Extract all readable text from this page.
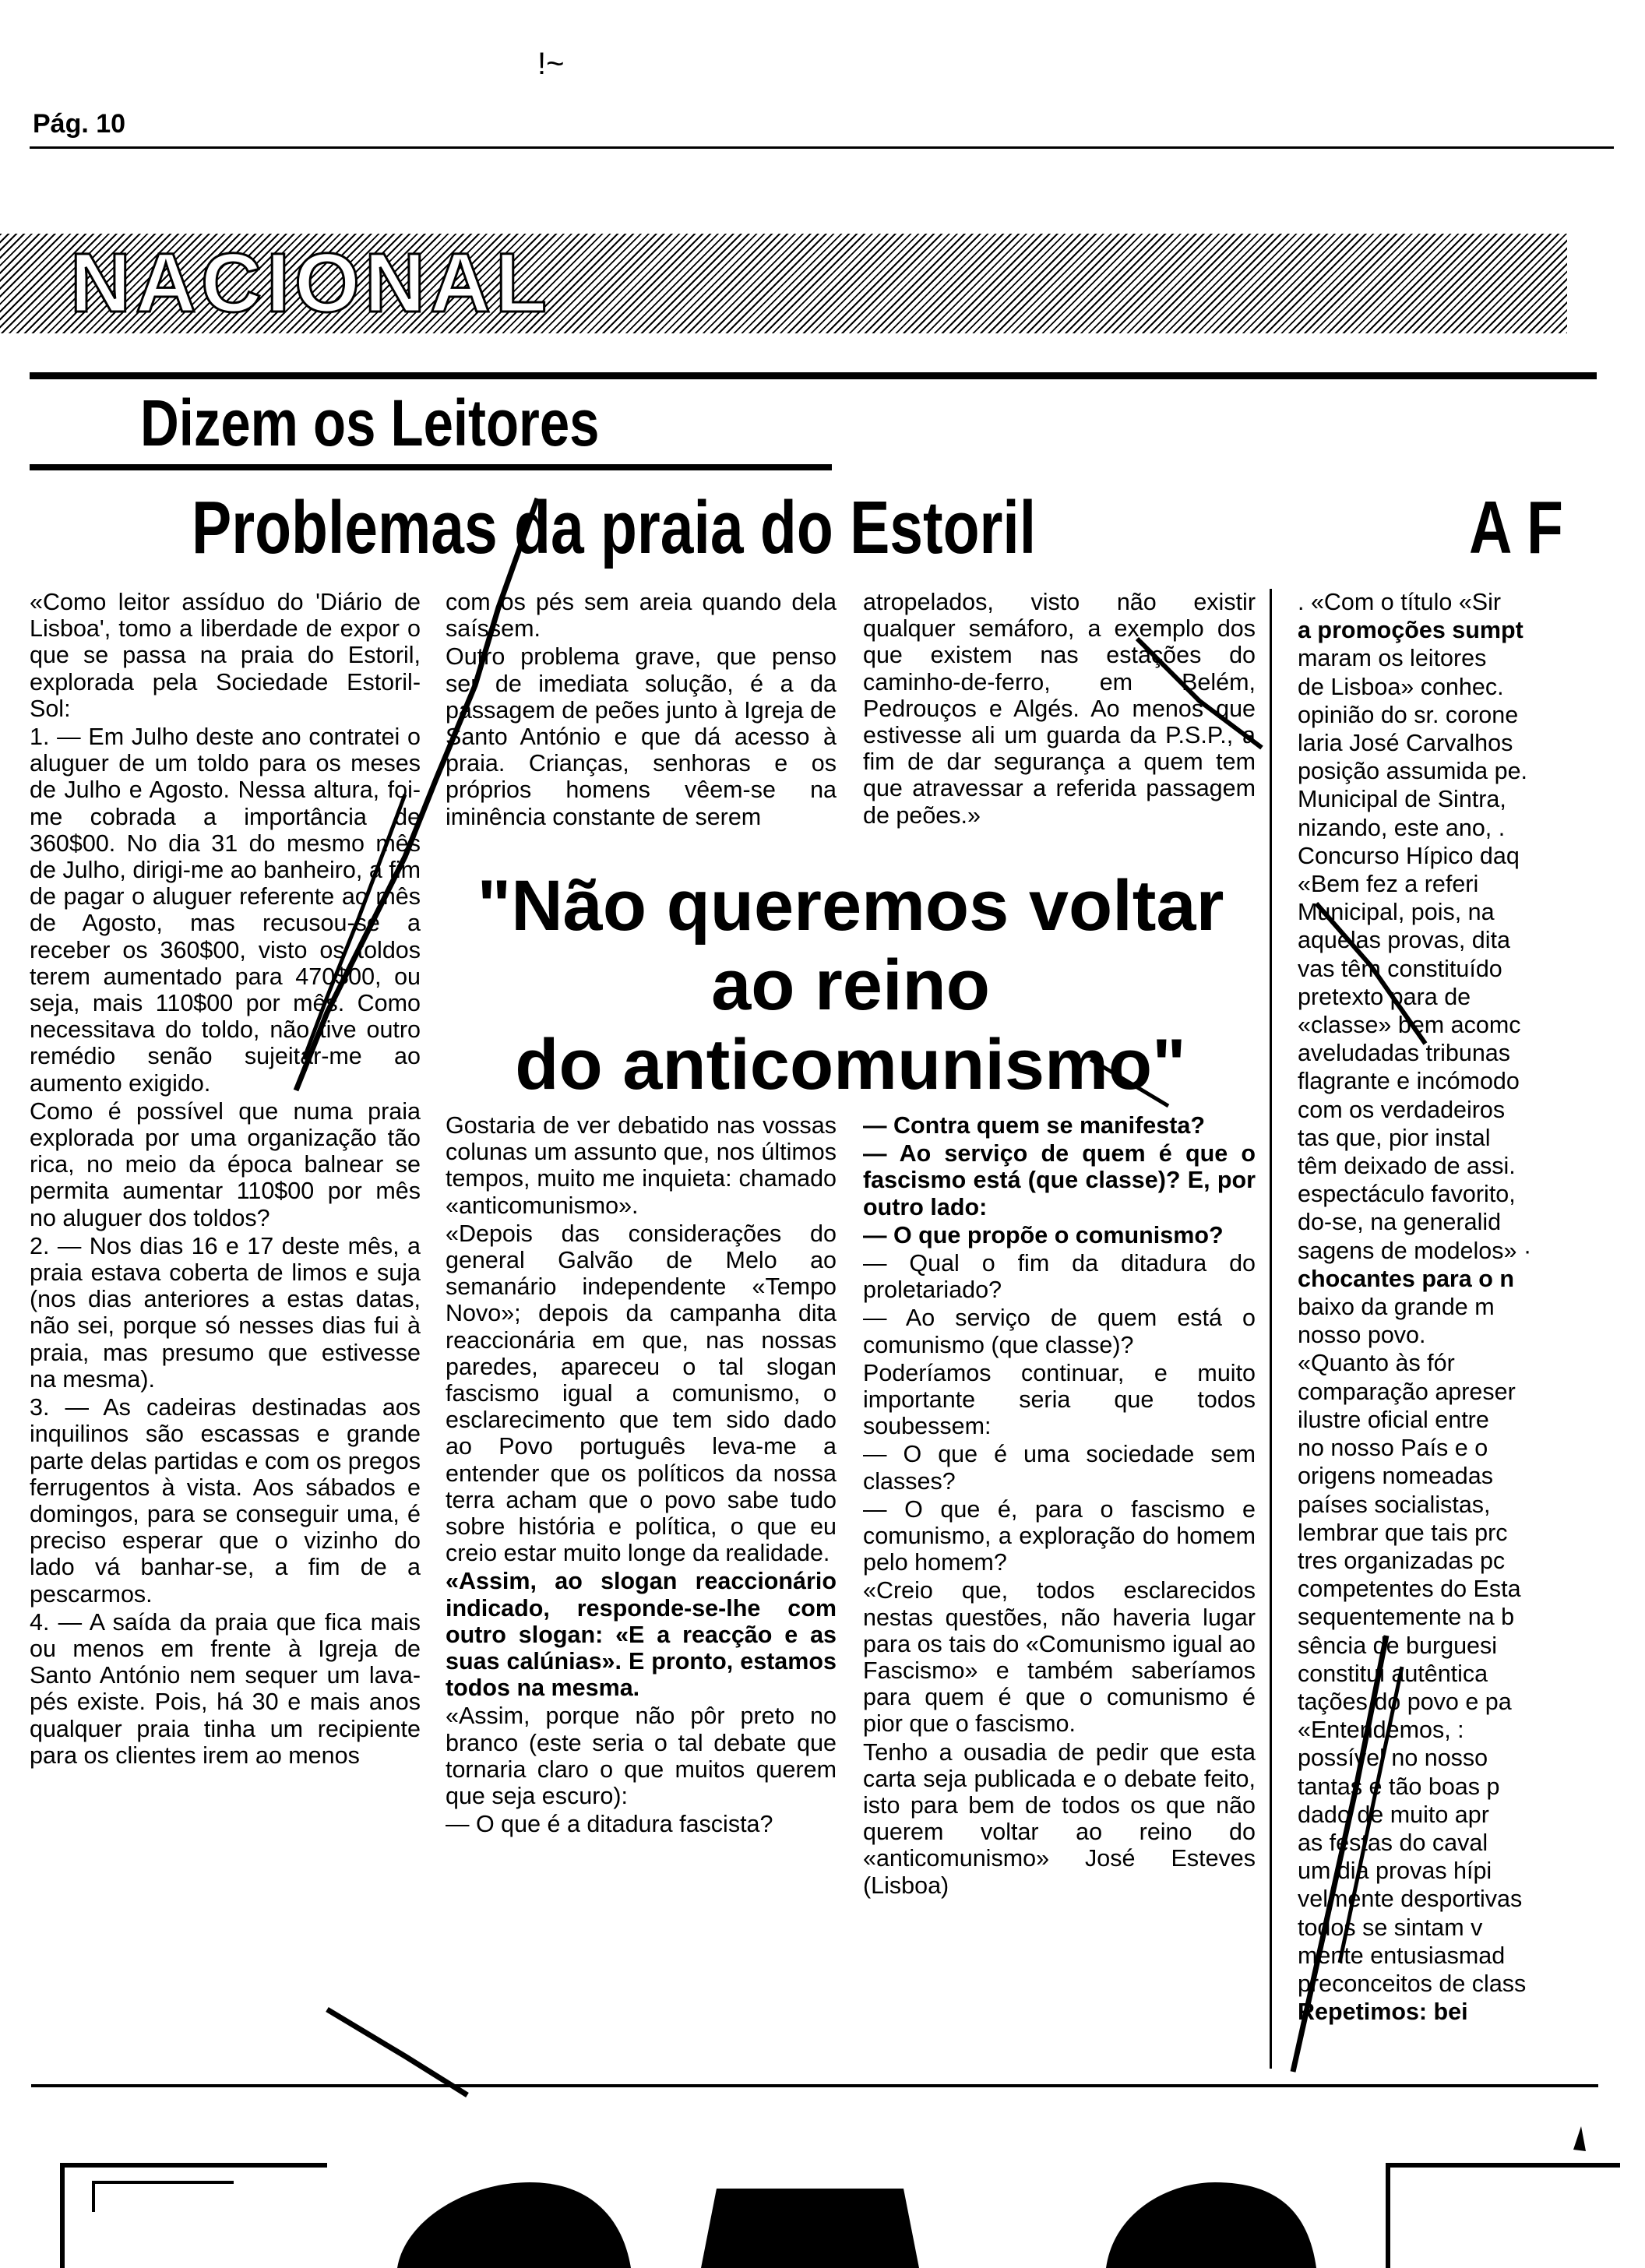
!~
Pág. 10
NACIONAL
Dizem os Leitores
Problemas da praia do Estoril	A F

«Como leitor assíduo do 'Diário de Lisboa', tomo a liberdade de expor o que se passa na praia do Estoril, explorada pela Sociedade Estoril-Sol:

1. — Em Julho deste ano contratei o aluguer de um toldo para os meses de Julho e Agosto. Nessa altura, foi-me cobrada a importância de 360$00. No dia 31 do mesmo mês de Julho, dirigi-me ao banheiro, a fim de pagar o aluguer referente ao mês de Agosto, mas recusou-se a receber os 360$00, visto os toldos terem aumentado para 470$00, ou seja, mais 110$00 por mês. Como necessitava do toldo, não tive outro remédio senão sujeitar-me ao aumento exigido.

Como é possível que numa praia explorada por uma organização tão rica, no meio da época balnear se permita aumentar 110$00 por mês no aluguer dos toldos?

2. — Nos dias 16 e 17 deste mês, a praia estava coberta de limos e suja (nos dias anteriores a estas datas, não sei, porque só nesses dias fui à praia, mas presumo que estivesse na mesma).

3. — As cadeiras destinadas aos inquilinos são escassas e grande parte delas partidas e com os pregos ferrugentos à vista. Aos sábados e domingos, para se conseguir uma, é preciso esperar que o vizinho do lado vá banhar-se, a fim de a pescarmos.

4. — A saída da praia que fica mais ou menos em frente à Igreja de Santo António nem sequer um lava-pés existe. Pois, há 30 e mais anos qualquer praia tinha um recipiente para os clientes irem ao menos

com os pés sem areia quando dela saíssem.

Outro problema grave, que penso ser de imediata solução, é a da passagem de peões junto à Igreja de Santo António e que dá acesso à praia. Crianças, senhoras e os próprios homens vêem-se na iminência constante de serem

atropelados, visto não existir qualquer semáforo, a exemplo dos que existem nas estações do caminho-de-ferro, em Belém, Pedrouços e Algés. Ao menos que estivesse ali um guarda da P.S.P., a fim de dar segurança a quem tem que atravessar a referida passagem de peões.»

"Não queremos voltar
ao reino
do anticomunismo"

Gostaria de ver debatido nas vossas colunas um assunto que, nos últimos tempos, muito me inquieta: chamado «anticomunismo».

«Depois das considerações do general Galvão de Melo ao semanário independente «Tempo Novo»; depois da campanha dita reaccionária em que, nas nossas paredes, apareceu o tal slogan fascismo igual a comunismo, o esclarecimento que tem sido dado ao Povo português leva-me a entender que os políticos da nossa terra acham que o povo sabe tudo sobre história e política, o que eu creio estar muito longe da realidade.

«Assim, ao slogan reaccionário indicado, responde-se-lhe com outro slogan: «E a reacção e as suas calúnias». E pronto, estamos todos na mesma.

«Assim, porque não pôr preto no branco (este seria o tal debate que tornaria claro o que muitos querem que seja escuro):

— O que é a ditadura fascista?

— Contra quem se manifesta?

— Ao serviço de quem é que o fascismo está (que classe)? E, por outro lado:

— O que propõe o comunismo?

— Qual o fim da ditadura do proletariado?

— Ao serviço de quem está o comunismo (que classe)?

Poderíamos continuar, e muito importante seria que todos soubessem:

— O que é uma sociedade sem classes?

— O que é, para o fascismo e comunismo, a exploração do homem pelo homem?

«Creio que, todos esclarecidos nestas questões, não haveria lugar para os tais do «Comunismo igual ao Fascismo» e também saberíamos para quem é que o comunismo é pior que o fascismo.

Tenho a ousadia de pedir que esta carta seja publicada e o debate feito, isto para bem de todos os que não querem voltar ao reino do «anticomunismo» José Esteves (Lisboa)

. «Com o título «Sir

a promoções sumpt

maram os leitores

de Lisboa» conhec.

opinião do sr. corone

laria José Carvalhos

posição assumida pe.

Municipal de Sintra,

nizando, este ano, .

Concurso Hípico daq

«Bem fez a referi

Municipal, pois, na

aquelas provas, dita

vas têm constituído

pretexto para de

«classe» bem acomc

aveludadas tribunas

flagrante e incómodo

com os verdadeiros

tas que, pior instal

têm deixado de assi.

espectáculo favorito,

do-se, na generalid

sagens de modelos» ·

chocantes para o n

baixo da grande m

nosso povo.

«Quanto às fór

comparação apreser

ilustre oficial entre

no nosso País e o

origens nomeadas

países socialistas,

lembrar que tais prc

tres organizadas pc

competentes do Esta

sequentemente na b

sência de burguesi

constitui autêntica

tações do povo e pa

«Entendemos, :

possível no nosso

tantas e tão boas p

dado de muito apr

as festas do caval

um dia provas hípi

velmente desportivas

todos se sintam v

mente entusiasmad

preconceitos de class

Repetimos: bei
